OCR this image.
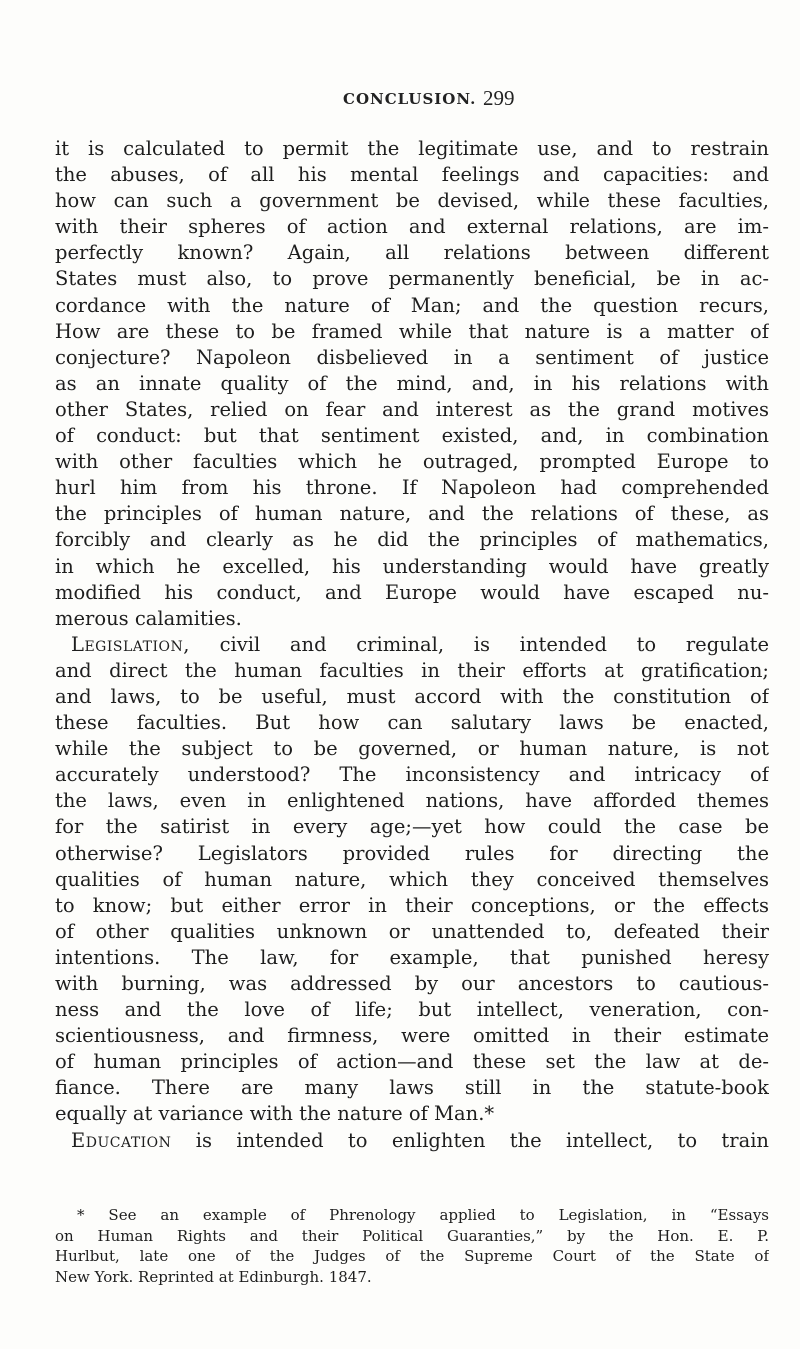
CONCLUSION. 299
it is calculated to permit the legitimate use, and to restrain
the abuses, of all his mental feelings and capacities: and
how can such a government be devised, while these faculties,
with their spheres of action and external relations, are im-
perfectly known? Again, all relations between different
States must also, to prove permanently beneficial, be in ac-
cordance with the nature of Man; and the question recurs,
How are these to be framed while that nature is a matter of
conjecture? Napoleon disbelieved in a sentiment of justice
as an innate quality of the mind, and, in his relations with
other States, relied on fear and interest as the grand motives
of conduct: but that sentiment existed, and, in combination
with other faculties which he outraged, prompted Europe to
hurl him from his throne. If Napoleon had comprehended
the principles of human nature, and the relations of these, as
forcibly and clearly as he did the principles of mathematics,
in which he excelled, his understanding would have greatly
modified his conduct, and Europe would have escaped nu-
merous calamities.
Legislation, civil and criminal, is intended to regulate
and direct the human faculties in their efforts at gratification;
and laws, to be useful, must accord with the constitution of
these faculties. But how can salutary laws be enacted,
while the subject to be governed, or human nature, is not
accurately understood? The inconsistency and intricacy of
the laws, even in enlightened nations, have afforded themes
for the satirist in every age;—yet how could the case be
otherwise? Legislators provided rules for directing the
qualities of human nature, which they conceived themselves
to know; but either error in their conceptions, or the effects
of other qualities unknown or unattended to, defeated their
intentions. The law, for example, that punished heresy
with burning, was addressed by our ancestors to cautious-
ness and the love of life; but intellect, veneration, con-
scientiousness, and firmness, were omitted in their estimate
of human principles of action—and these set the law at de-
fiance. There are many laws still in the statute-book
equally at variance with the nature of Man.*
Education is intended to enlighten the intellect, to train
* See an example of Phrenology applied to Legislation, in “Essays
on Human Rights and their Political Guaranties,” by the Hon. E. P.
Hurlbut, late one of the Judges of the Supreme Court of the State of
New York. Reprinted at Edinburgh. 1847.
